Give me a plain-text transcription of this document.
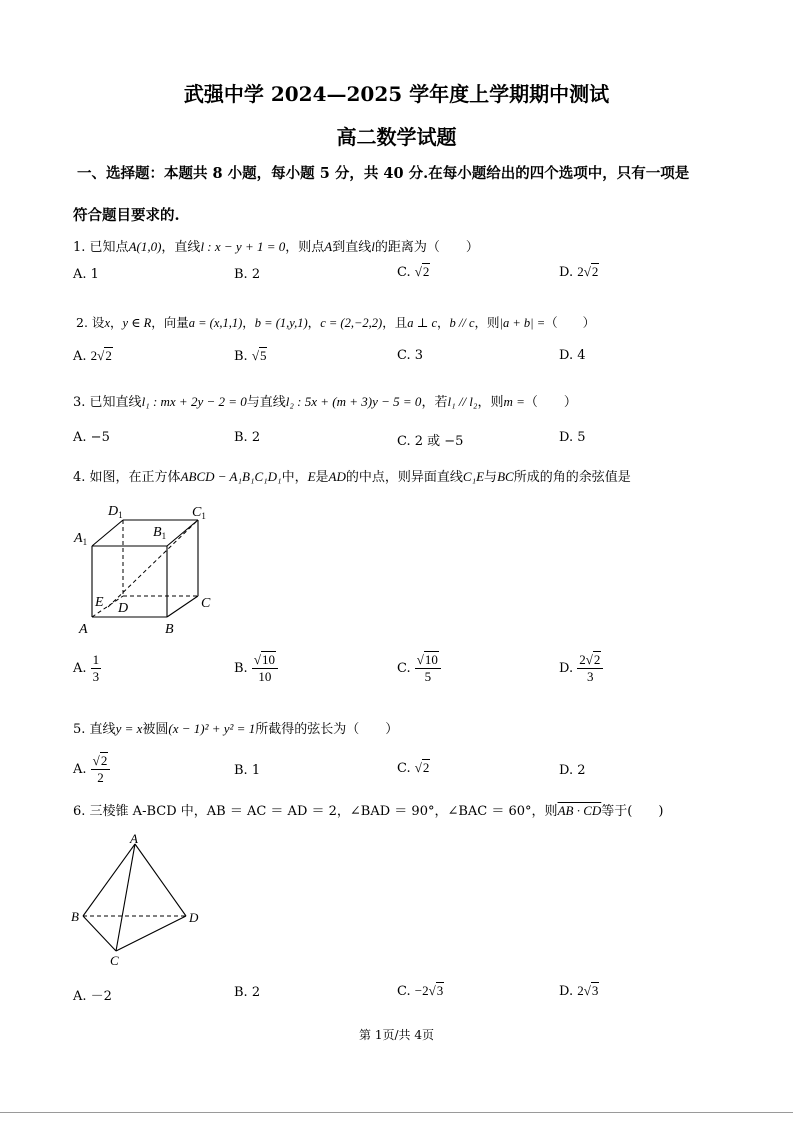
武强中学 2024—2025 学年度上学期期中测试
高二数学试题
一、选择题：本题共 8 小题，每小题 5 分，共 40 分.在每小题给出的四个选项中，只有一项是
符合题目要求的.
1. 已知点A(1,0)，直线l : x − y + 1 = 0，则点A到直线l的距离为（　　）
A. 1	B. 2	C. √2	D. 2√2
2. 设x，y ∈ R，向量a = (x,1,1)，b = (1,y,1)，c = (2,−2,2)，且a ⊥ c，b // c，则|a + b| =（　　）
A. 2√2	B. √5	C. 3	D. 4
3. 已知直线l₁ : mx + 2y − 2 = 0与直线l₂ : 5x + (m + 3)y − 5 = 0，若l₁ // l₂，则m =（　　）
A. −5	B. 2	C. 2 或 −5	D. 5
4. 如图，在正方体ABCD − A₁B₁C₁D₁中，E是AD的中点，则异面直线C₁E与BC所成的角的余弦值是
$D_1$	$C_1$
$A_1$
$B_1$
E D	C
A	B
A. $\frac{1}{3}$	B. $\frac{√10}{10}$	C. $\frac{√10}{5}$	D. $\frac{2√2}{3}$
5. 直线y = x被圆(x − 1)² + y² = 1所截得的弦长为（　　）
A. $\frac{√2}{2}$	B. 1	C. √2	D. 2
6. 三棱锥 A-BCD 中，AB ＝ AC ＝ AD ＝ 2，∠BAD ＝ 90°，∠BAC ＝ 60°，则AB · CD等于(　　)
A
B
C
D
A. －2	B. 2	C. −2√3	D. 2√3
第 1页/共 4页
